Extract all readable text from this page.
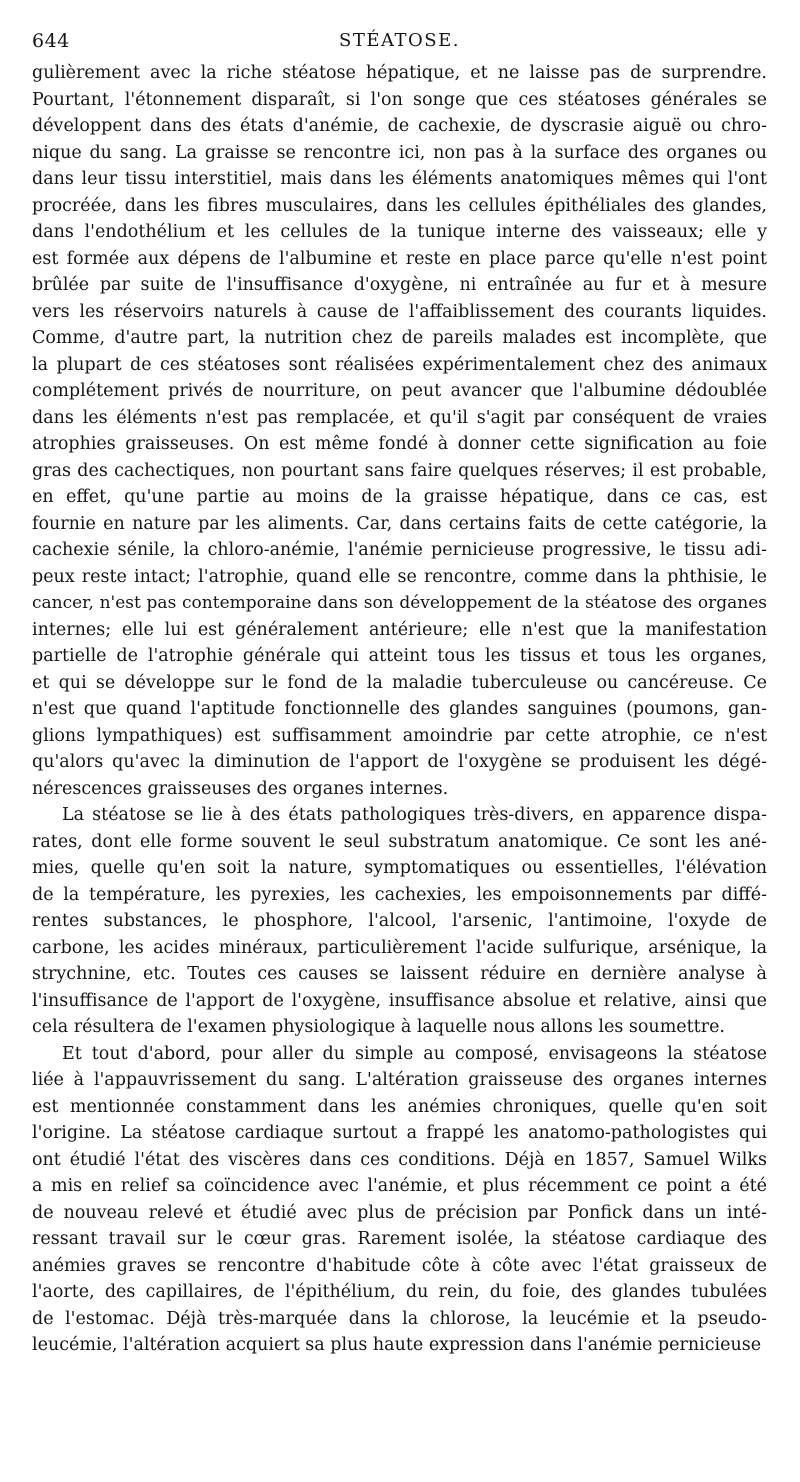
644	STÉATOSE.
gulièrement avec la riche stéatose hépatique, et ne laisse pas de surprendre.
Pourtant, l'étonnement disparaît, si l'on songe que ces stéatoses générales se
développent dans des états d'anémie, de cachexie, de dyscrasie aiguë ou chro-
nique du sang. La graisse se rencontre ici, non pas à la surface des organes ou
dans leur tissu interstitiel, mais dans les éléments anatomiques mêmes qui l'ont
procréée, dans les fibres musculaires, dans les cellules épithéliales des glandes,
dans l'endothélium et les cellules de la tunique interne des vaisseaux; elle y
est formée aux dépens de l'albumine et reste en place parce qu'elle n'est point
brûlée par suite de l'insuffisance d'oxygène, ni entraînée au fur et à mesure
vers les réservoirs naturels à cause de l'affaiblissement des courants liquides.
Comme, d'autre part, la nutrition chez de pareils malades est incomplète, que
la plupart de ces stéatoses sont réalisées expérimentalement chez des animaux
complétement privés de nourriture, on peut avancer que l'albumine dédoublée
dans les éléments n'est pas remplacée, et qu'il s'agit par conséquent de vraies
atrophies graisseuses. On est même fondé à donner cette signification au foie
gras des cachectiques, non pourtant sans faire quelques réserves; il est probable,
en effet, qu'une partie au moins de la graisse hépatique, dans ce cas, est
fournie en nature par les aliments. Car, dans certains faits de cette catégorie, la
cachexie sénile, la chloro-anémie, l'anémie pernicieuse progressive, le tissu adi-
peux reste intact; l'atrophie, quand elle se rencontre, comme dans la phthisie, le
cancer, n'est pas contemporaine dans son développement de la stéatose des organes
internes; elle lui est généralement antérieure; elle n'est que la manifestation
partielle de l'atrophie générale qui atteint tous les tissus et tous les organes,
et qui se développe sur le fond de la maladie tuberculeuse ou cancéreuse. Ce
n'est que quand l'aptitude fonctionnelle des glandes sanguines (poumons, gan-
glions lympathiques) est suffisamment amoindrie par cette atrophie, ce n'est
qu'alors qu'avec la diminution de l'apport de l'oxygène se produisent les dégé-
nérescences graisseuses des organes internes.
La stéatose se lie à des états pathologiques très-divers, en apparence dispa-
rates, dont elle forme souvent le seul substratum anatomique. Ce sont les ané-
mies, quelle qu'en soit la nature, symptomatiques ou essentielles, l'élévation
de la température, les pyrexies, les cachexies, les empoisonnements par diffé-
rentes substances, le phosphore, l'alcool, l'arsenic, l'antimoine, l'oxyde de
carbone, les acides minéraux, particulièrement l'acide sulfurique, arsénique, la
strychnine, etc. Toutes ces causes se laissent réduire en dernière analyse à
l'insuffisance de l'apport de l'oxygène, insuffisance absolue et relative, ainsi que
cela résultera de l'examen physiologique à laquelle nous allons les soumettre.
Et tout d'abord, pour aller du simple au composé, envisageons la stéatose
liée à l'appauvrissement du sang. L'altération graisseuse des organes internes
est mentionnée constamment dans les anémies chroniques, quelle qu'en soit
l'origine. La stéatose cardiaque surtout a frappé les anatomo-pathologistes qui
ont étudié l'état des viscères dans ces conditions. Déjà en 1857, Samuel Wilks
a mis en relief sa coïncidence avec l'anémie, et plus récemment ce point a été
de nouveau relevé et étudié avec plus de précision par Ponfick dans un inté-
ressant travail sur le cœur gras. Rarement isolée, la stéatose cardiaque des
anémies graves se rencontre d'habitude côte à côte avec l'état graisseux de
l'aorte, des capillaires, de l'épithélium, du rein, du foie, des glandes tubulées
de l'estomac. Déjà très-marquée dans la chlorose, la leucémie et la pseudo-
leucémie, l'altération acquiert sa plus haute expression dans l'anémie pernicieuse
